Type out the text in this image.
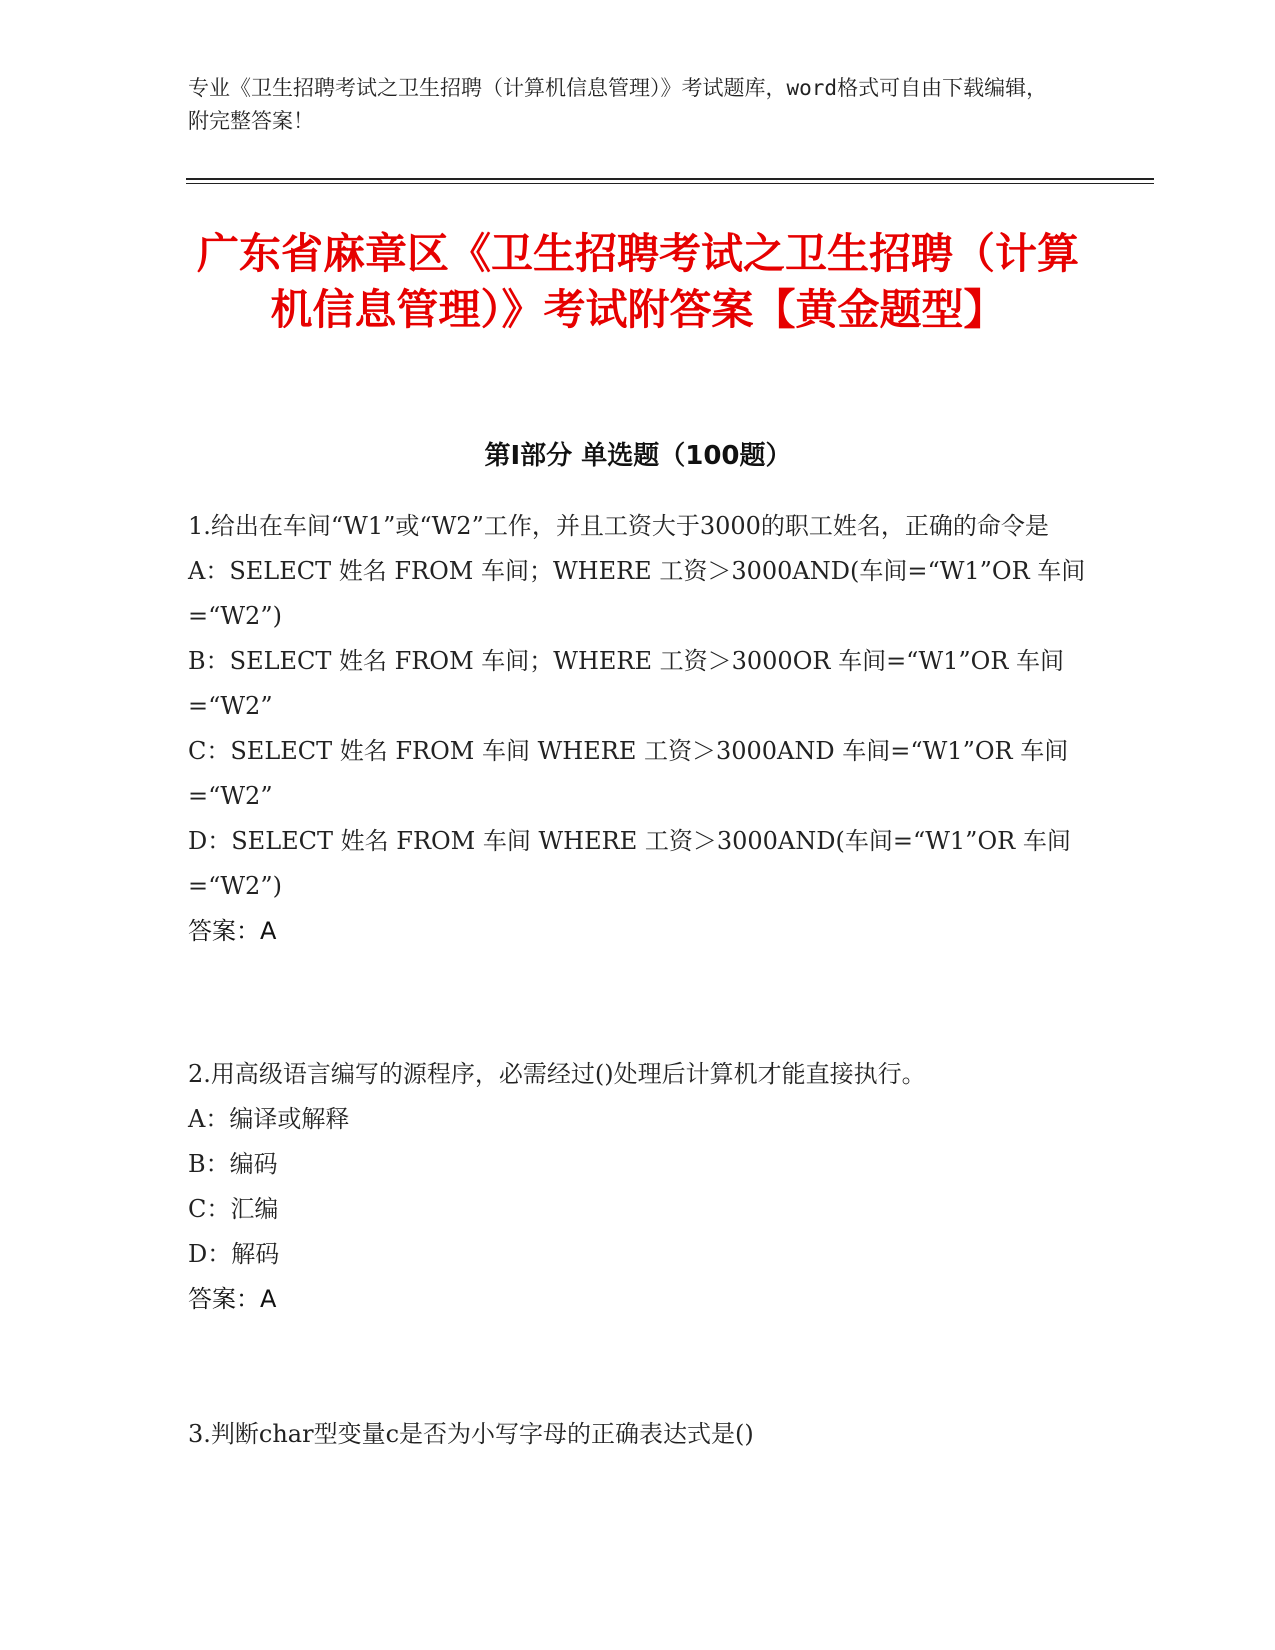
专业《卫生招聘考试之卫生招聘（计算机信息管理）》考试题库，word格式可自由下载编辑，附完整答案！
广东省麻章区《卫生招聘考试之卫生招聘（计算机信息管理）》考试附答案【黄金题型】
第I部分 单选题（100题）
1.给出在车间“W1”或“W2”工作，并且工资大于3000的职工姓名，正确的命令是
A：SELECT 姓名 FROM 车间；WHERE 工资＞3000AND(车间=“W1”OR 车间=“W2”)
B：SELECT 姓名 FROM 车间；WHERE 工资＞3000OR 车间=“W1”OR 车间=“W2”
C：SELECT 姓名 FROM 车间 WHERE 工资＞3000AND 车间=“W1”OR 车间=“W2”
D：SELECT 姓名 FROM 车间 WHERE 工资＞3000AND(车间=“W1”OR 车间=“W2”)
答案：A
2.用高级语言编写的源程序，必需经过()处理后计算机才能直接执行。
A：编译或解释
B：编码
C：汇编
D：解码
答案：A
3.判断char型变量c是否为小写字母的正确表达式是()
